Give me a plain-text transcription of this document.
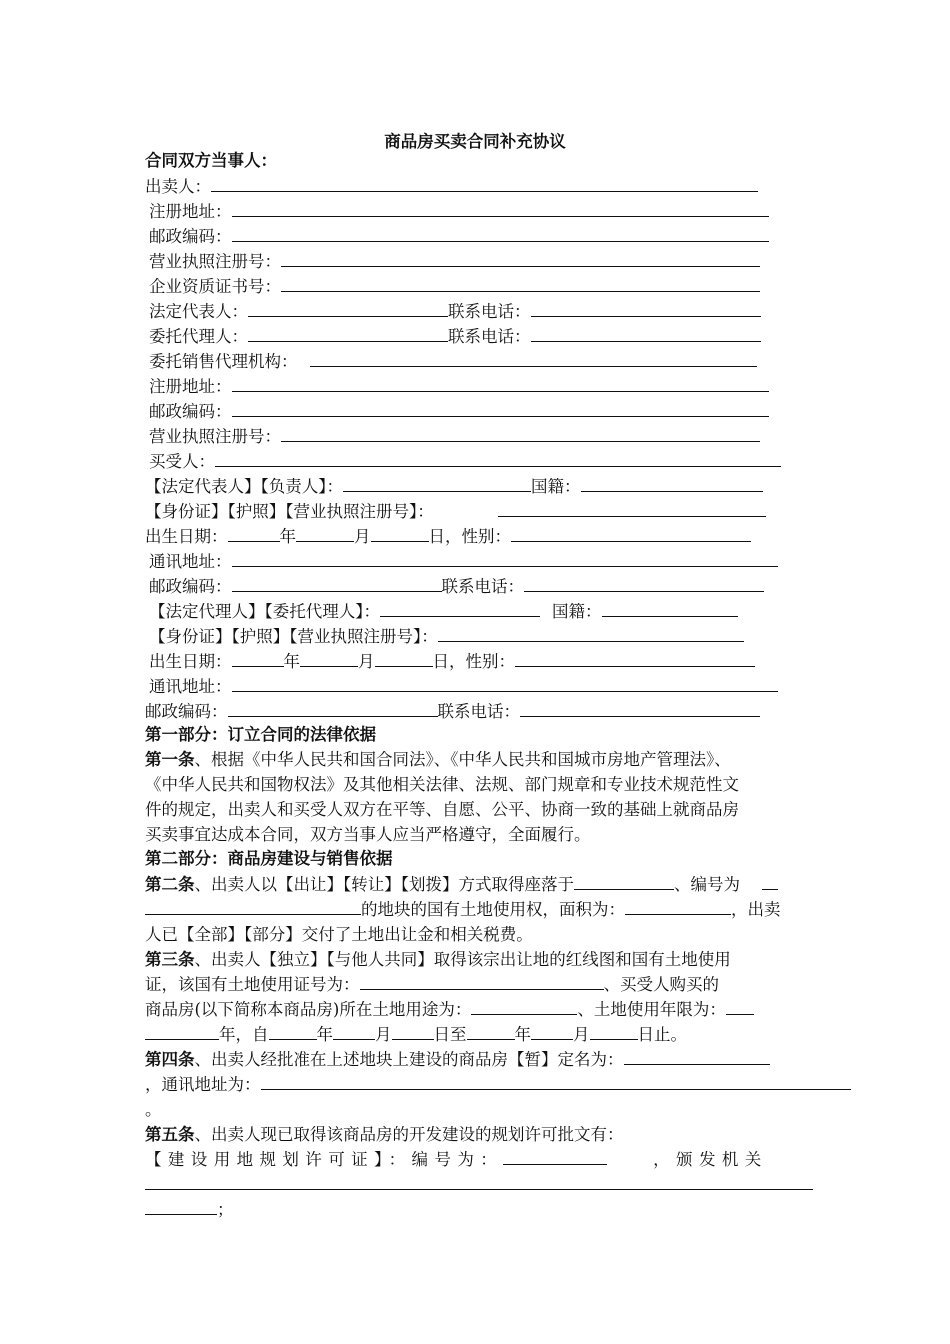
商品房买卖合同补充协议
合同双方当事人：
出卖人：
注册地址：
邮政编码：
营业执照注册号：
企业资质证书号：
法定代表人：	联系电话：
委托代理人：	联系电话：
委托销售代理机构：
注册地址：
邮政编码：
营业执照注册号：
买受人：
【法定代表人】【负责人】：	国籍：
【身份证】【护照】【营业执照注册号】：
出生日期：	年	月	日，性别：
通讯地址：
邮政编码：	联系电话：
【法定代理人】【委托代理人】：	国籍：
【身份证】【护照】【营业执照注册号】：
出生日期：	年	月	日，性别：
通讯地址：
邮政编码：	联系电话：
第一部分：订立合同的法律依据
第一条、根据《中华人民共和国合同法》、《中华人民共和国城市房地产管理法》、
《中华人民共和国物权法》及其他相关法律、法规、部门规章和专业技术规范性文
件的规定，出卖人和买受人双方在平等、自愿、公平、协商一致的基础上就商品房
买卖事宜达成本合同，双方当事人应当严格遵守，全面履行。
第二部分：商品房建设与销售依据
第二条、出卖人以【出让】【转让】【划拨】方式取得座落于	、编号为
的地块的国有土地使用权，面积为：	，出卖
人已【全部】【部分】交付了土地出让金和相关税费。
第三条、出卖人【独立】【与他人共同】取得该宗出让地的红线图和国有土地使用
证，该国有土地使用证号为：	、买受人购买的
商品房(以下简称本商品房)所在土地用途为：	、土地使用年限为：
年，自	年	月	日至	年	月	日止。
第四条、出卖人经批准在上述地块上建设的商品房【暂】定名为：
，通讯地址为：
。
第五条、出卖人现已取得该商品房的开发建设的规划许可批文有：
【建设用地规划许可证】：编号为：	，颁发机关
；
